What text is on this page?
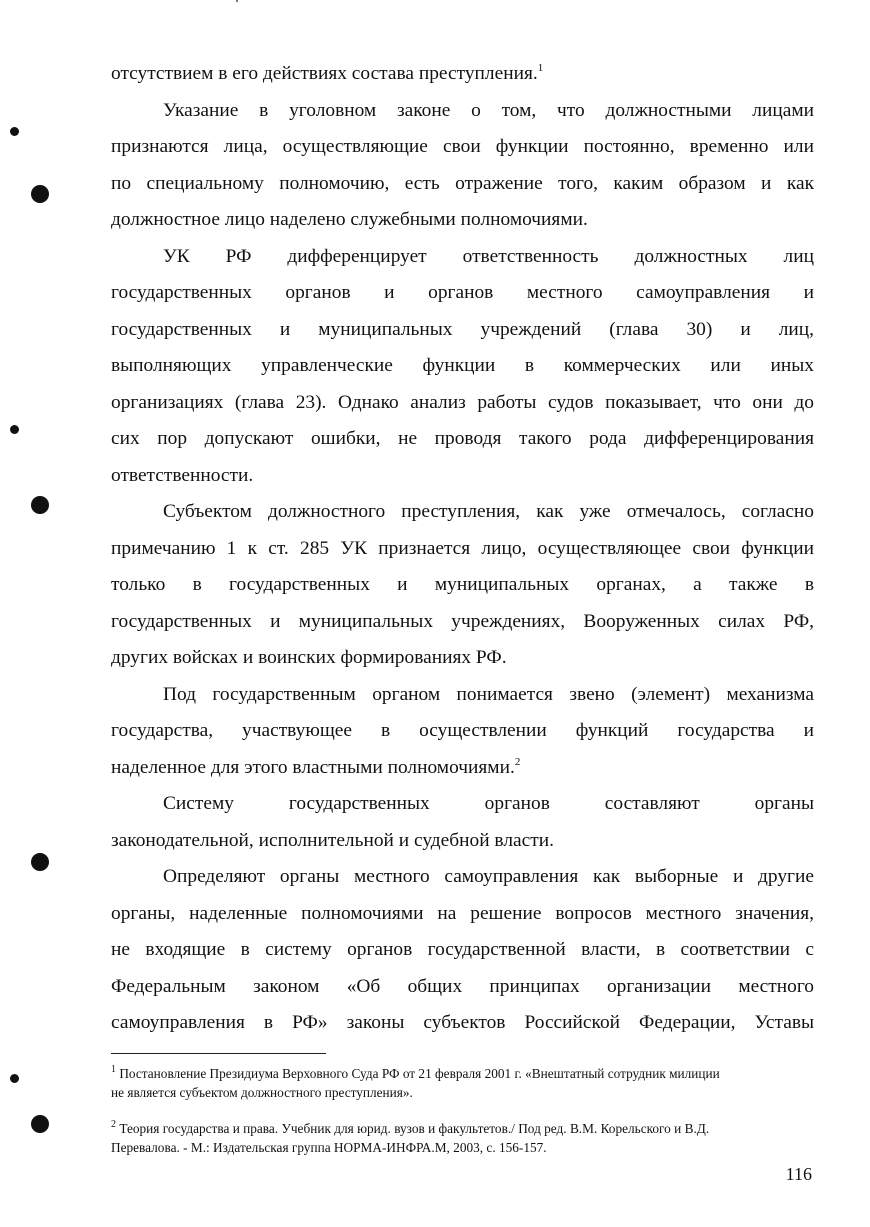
отсутствием в его действиях состава преступления.$^1$
Указание в уголовном законе о том, что должностными лицами
признаются лица, осуществляющие свои функции постоянно, временно или
по специальному полномочию, есть отражение того, каким образом и как
должностное лицо наделено служебными полномочиями.
УК РФ дифференцирует ответственность должностных лиц
государственных органов и органов местного самоуправления и
государственных и муниципальных учреждений (глава 30) и лиц,
выполняющих управленческие функции в коммерческих или иных
организациях (глава 23). Однако анализ работы судов показывает, что они до
сих пор допускают ошибки, не проводя такого рода дифференцирования
ответственности.
Субъектом должностного преступления, как уже отмечалось, согласно
примечанию 1 к ст. 285 УК признается лицо, осуществляющее свои функции
только в государственных и муниципальных органах, а также в
государственных и муниципальных учреждениях, Вооруженных силах РФ,
других войсках и воинских формированиях РФ.
Под государственным органом понимается звено (элемент) механизма
государства, участвующее в осуществлении функций государства и
наделенное для этого властными полномочиями.$^2$
Систему государственных органов составляют органы
законодательной, исполнительной и судебной власти.
Определяют органы местного самоуправления как выборные и другие
органы, наделенные полномочиями на решение вопросов местного значения,
не входящие в систему органов государственной власти, в соответствии с
Федеральным законом «Об общих принципах организации местного
самоуправления в РФ» законы субъектов Российской Федерации, Уставы
$^1$ Постановление Президиума Верховного Суда РФ от 21 февраля 2001 г. «Внештатный сотрудник милиции
не является субъектом должностного преступления».
$^2$ Теория государства и права. Учебник для юрид. вузов и факультетов./ Под ред. В.М. Корельского и В.Д.
Перевалова. - М.: Издательская группа НОРМА-ИНФРА.М, 2003, с. 156-157.
116
